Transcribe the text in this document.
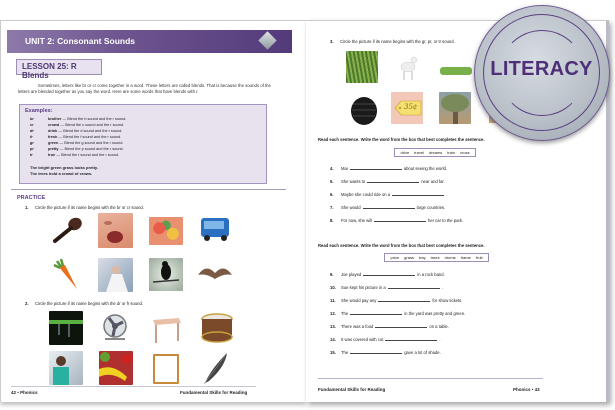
UNIT 2: Consonant Sounds
LESSON 25: R Blends
Sometimes, letters like br or cr come together in a word. These letters are called blends. That is because the sounds of the letters are blended together as you say the word. Here are some words that have blends with r.
Examples:
br	brother — Blend the b sound and the r sound.
cr	crowd — Blend the c sound and the r sound.
dr	drink — Blend the d sound and the r sound.
fr	fresh — Blend the f sound and the r sound.
gr	green — Blend the g sound and the r sound.
pr	pretty — Blend the p sound and the r sound.
tr	true — Blend the t sound and the r sound.
The bright green grass looks pretty.
The trees hold a crowd of crows.
PRACTICE
1. Circle the picture if its name begins with the br or cr sound.
2. Circle the picture if its name begins with the dr or fr sound.
42 • Phonics	Fundamental Skills for Reading
3. Circle the picture if its name begins with the gr, pr, or tr sound.
35¢
Read each sentence. Write the word from the box that best completes the sentence.
drive travel dreams train cross
4. Mai	about seeing the world.
5. She wants to	near and far.
6. Maybe she could ride on a	.
7. She would	large countries.
8. For now, she will	her car to the park.
Read each sentence. Write the word from the box that best completes the sentence.
price grass tray trees drums frame fruit
9. Joe played	in a rock band.
10. Sue kept his picture in a	.
11. She would pay any	for show tickets.
12. The	in the yard was pretty and green.
13. There was a food	on a table.
14. It was covered with cut	.
15. The	gave a lot of shade.
Fundamental Skills for Reading	Phonics • 43
LITERACY
